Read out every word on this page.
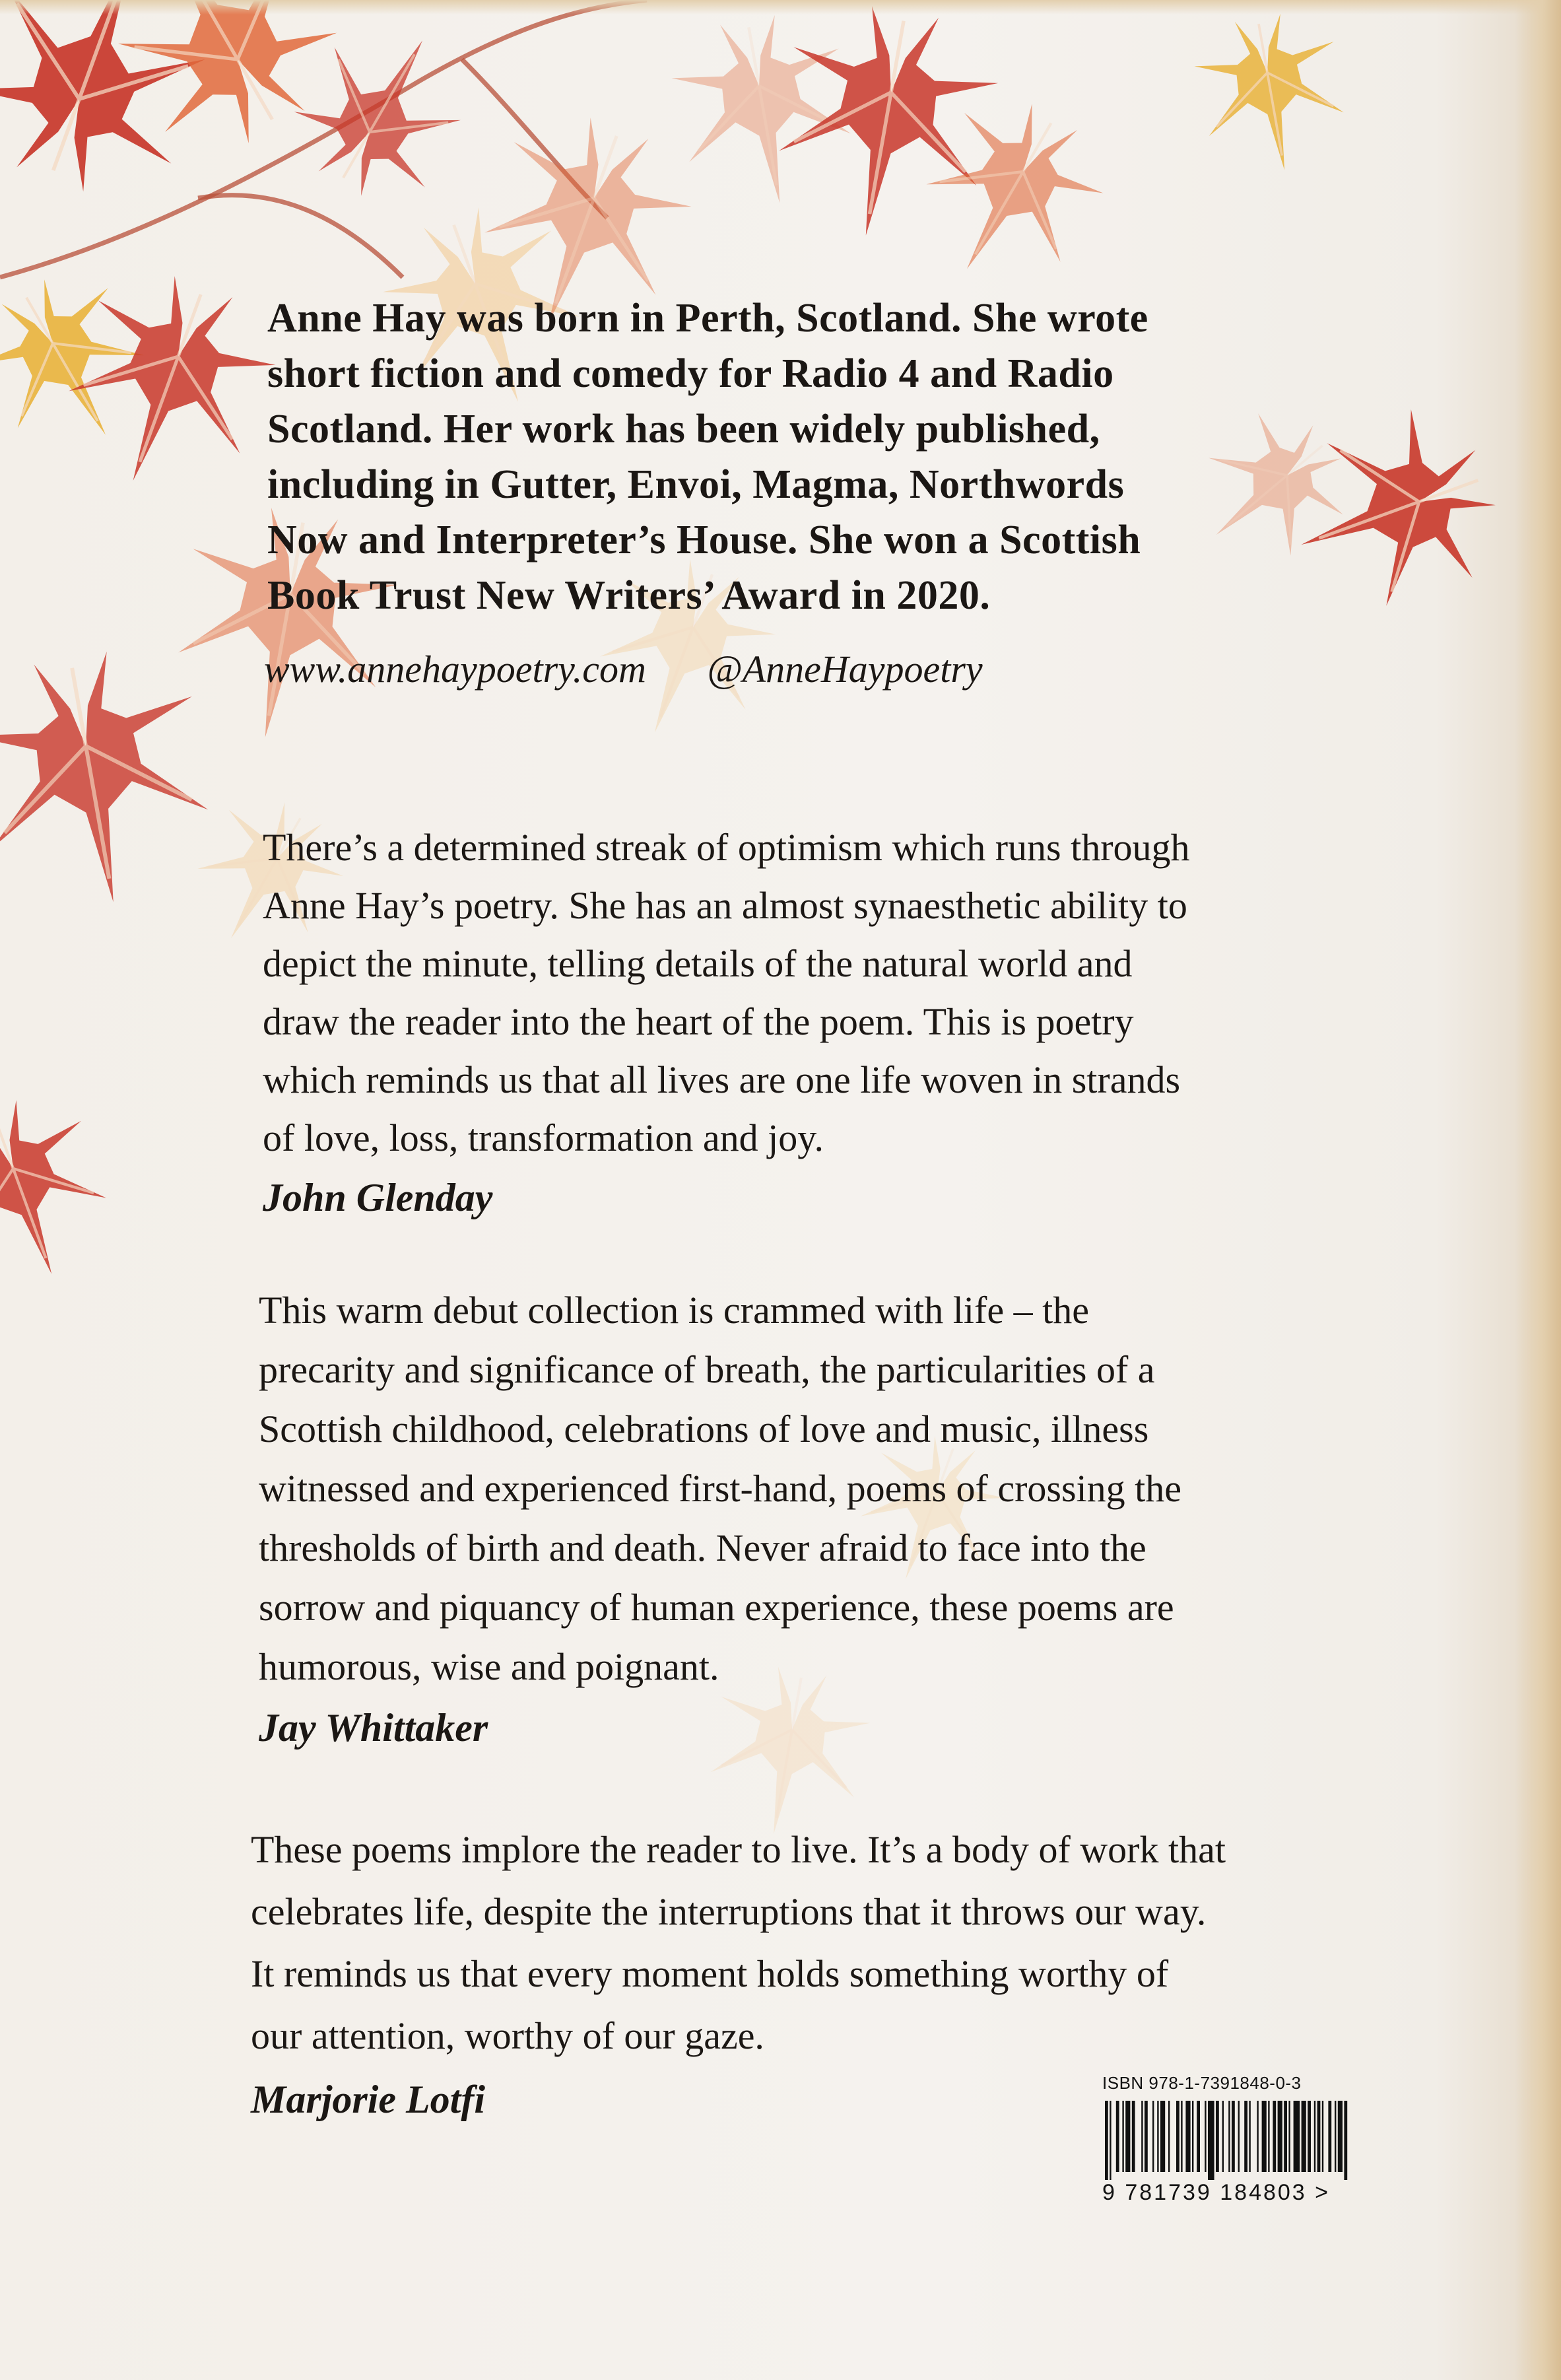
Anne Hay was born in Perth, Scotland. She wrote
short fiction and comedy for Radio 4 and Radio
Scotland. Her work has been widely published,
including in Gutter, Envoi, Magma, Northwords
Now and Interpreter’s House. She won a Scottish
Book Trust New Writers’ Award in 2020.
www.annehaypoetry.com @AnneHaypoetry
There’s a determined streak of optimism which runs through
Anne Hay’s poetry. She has an almost synaesthetic ability to
depict the minute, telling details of the natural world and
draw the reader into the heart of the poem. This is poetry
which reminds us that all lives are one life woven in strands
of love, loss, transformation and joy.
John Glenday
This warm debut collection is crammed with life – the
precarity and significance of breath, the particularities of a
Scottish childhood, celebrations of love and music, illness
witnessed and experienced first-hand, poems of crossing the
thresholds of birth and death. Never afraid to face into the
sorrow and piquancy of human experience, these poems are
humorous, wise and poignant.
Jay Whittaker
These poems implore the reader to live. It’s a body of work that
celebrates life, despite the interruptions that it throws our way.
It reminds us that every moment holds something worthy of
our attention, worthy of our gaze.
Marjorie Lotfi	ISBN 978-1-7391848-0-3
9 781739 184803 >
